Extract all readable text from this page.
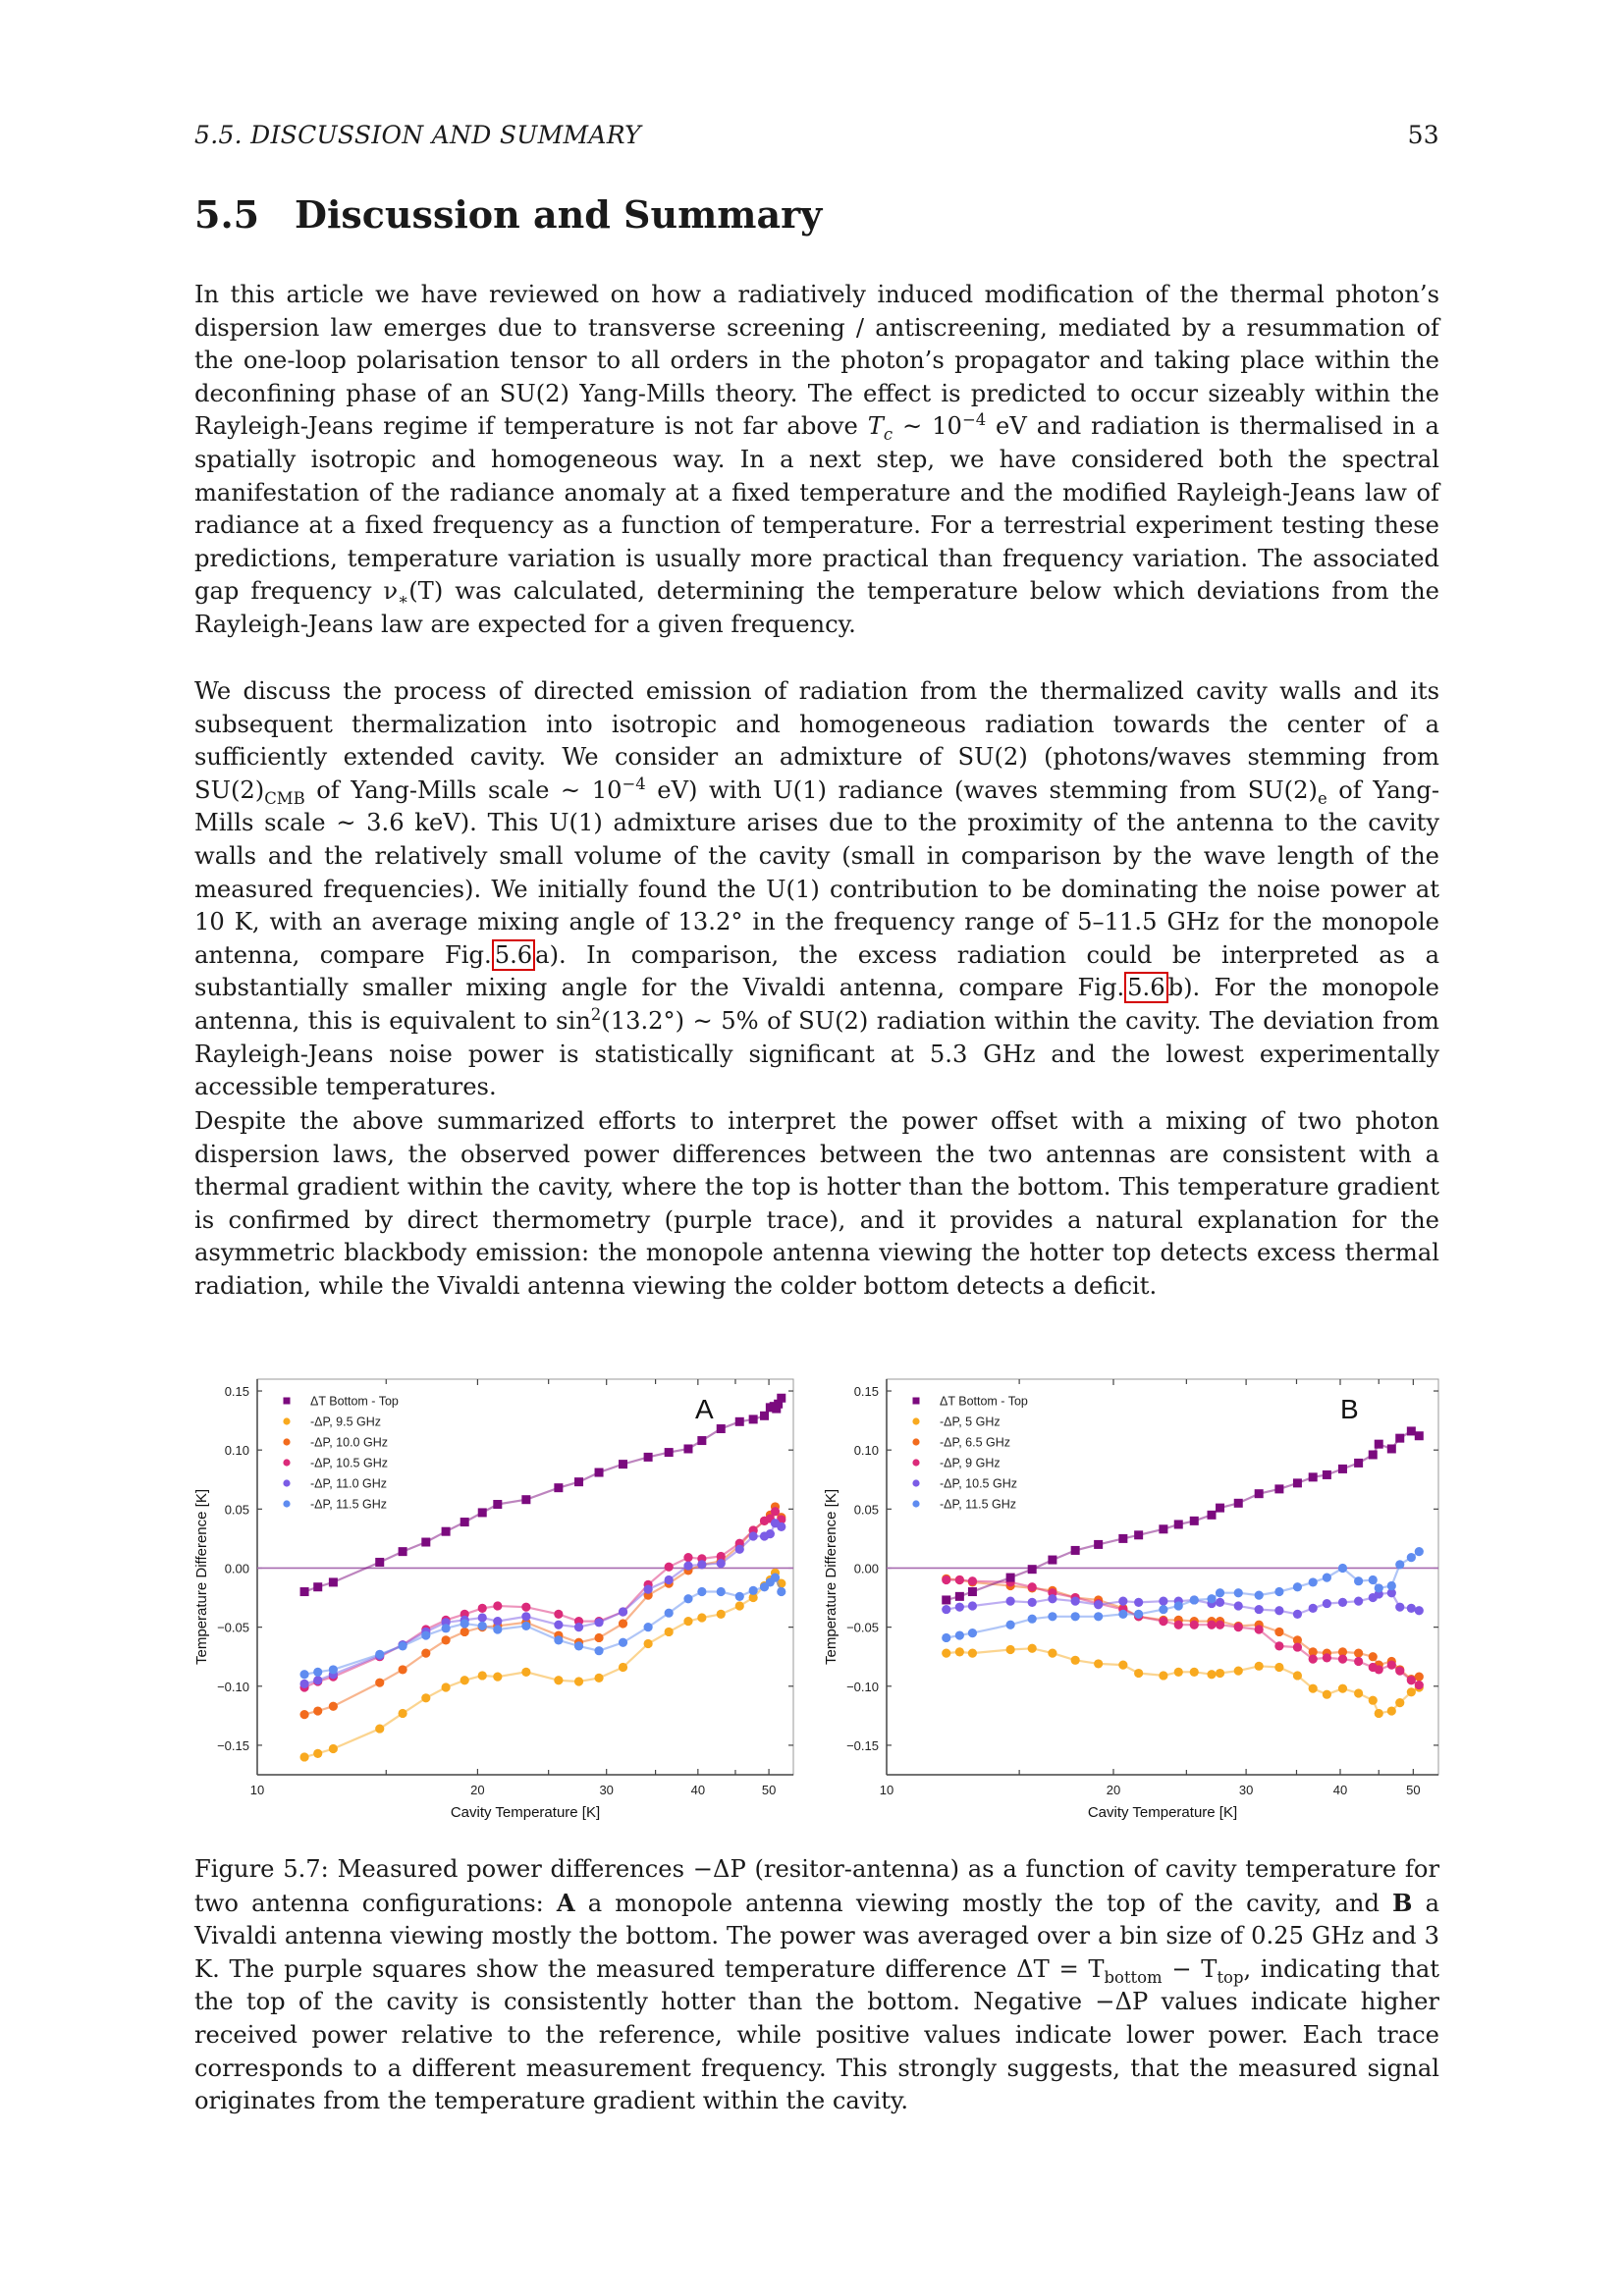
5.5. DISCUSSION AND SUMMARY	53
5.5 Discussion and Summary

In this article we have reviewed on how a radiatively induced modification of the thermal photon’s dispersion law emerges due to transverse screening / antiscreening, mediated by a resummation of the one-loop polarisation tensor to all orders in the photon’s propagator and taking place within the deconfining phase of an SU(2) Yang-Mills theory. The effect is predicted to occur sizeably within the Rayleigh-Jeans regime if temperature is not far above $T_c$ ∼ $10^{-4}$ eV and radiation is thermalised in a spatially isotropic and homogeneous way. In a next step, we have considered both the spectral manifestation of the radiance anomaly at a fixed temperature and the modified Rayleigh-Jeans law of radiance at a fixed frequency as a function of temperature. For a terrestrial experiment testing these predictions, temperature variation is usually more practical than frequency variation. The associated gap frequency $\nu_∗(T)$ was calculated, determining the temperature below which deviations from the Rayleigh-Jeans law are expected for a given frequency.

We discuss the process of directed emission of radiation from the thermalized cavity walls and its subsequent thermalization into isotropic and homogeneous radiation towards the center of a sufficiently extended cavity. We consider an admixture of SU(2) (photons/waves stemming from $SU(2)_{CMB}$ of Yang-Mills scale ∼ $10^{-4}$ eV) with U(1) radiance (waves stemming from $SU(2)_e$ of Yang-Mills scale ∼ 3.6 keV). This U(1) admixture arises due to the proximity of the antenna to the cavity walls and the relatively small volume of the cavity (small in comparison by the wave length of the measured frequencies). We initially found the U(1) contribution to be dominating the noise power at 10 K, with an average mixing angle of 13.2° in the frequency range of 5–11.5 GHz for the monopole antenna, compare Fig. 5.6 a). In comparison, the excess radiation could be interpreted as a substantially smaller mixing angle for the Vivaldi antenna, compare Fig. 5.6 b). For the monopole antenna, this is equivalent to $\sin^2(13.2^\circ)$ ∼ 5% of SU(2) radiation within the cavity. The deviation from Rayleigh-Jeans noise power is statistically significant at 5.3 GHz and the lowest experimentally accessible temperatures.

Despite the above summarized efforts to interpret the power offset with a mixing of two photon dispersion laws, the observed power differences between the two antennas are consistent with a thermal gradient within the cavity, where the top is hotter than the bottom. This temperature gradient is confirmed by direct thermometry (purple trace), and it provides a natural explanation for the asymmetric blackbody emission: the monopole antenna viewing the hotter top detects excess thermal radiation, while the Vivaldi antenna viewing the colder bottom detects a deficit.

0.15
0.10
0.05
0.00
−0.05
−0.10
−0.15
10	20	30	40	50
Cavity Temperature [K]
Temperature Difference [K]
ΔT Bottom - Top
-ΔP, 9.5 GHz
-ΔP, 10.0 GHz
-ΔP, 10.5 GHz
-ΔP, 11.0 GHz
-ΔP, 11.5 GHz
A
0.15
0.10
0.05
0.00
−0.05
−0.10
−0.15
10	20	30	40	50
Cavity Temperature [K]
Temperature Difference [K]
ΔT Bottom - Top
-ΔP, 5 GHz
-ΔP, 6.5 GHz
-ΔP, 9 GHz
-ΔP, 10.5 GHz
-ΔP, 11.5 GHz
B

Figure 5.7: Measured power differences −ΔP (resitor-antenna) as a function of cavity temperature for two antenna configurations: A a monopole antenna viewing mostly the top of the cavity, and B a Vivaldi antenna viewing mostly the bottom. The power was averaged over a bin size of 0.25 GHz and 3 K. The purple squares show the measured temperature difference $\Delta T = T_{bottom} - T_{top}$, indicating that the top of the cavity is consistently hotter than the bottom. Negative −ΔP values indicate higher received power relative to the reference, while positive values indicate lower power. Each trace corresponds to a different measurement frequency. This strongly suggests, that the measured signal originates from the temperature gradient within the cavity.
